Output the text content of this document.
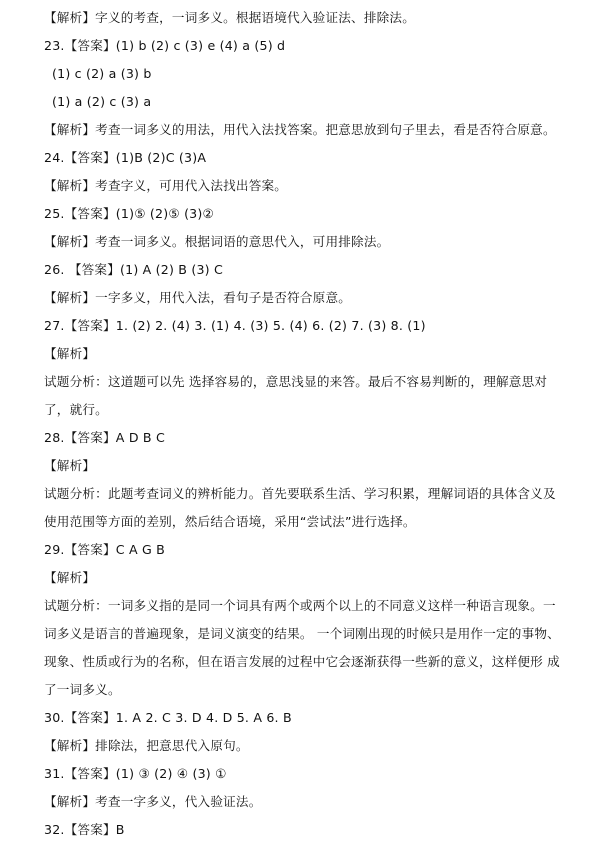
【解析】字义的考查，一词多义。根据语境代入验证法、排除法。
23.【答案】(1) b (2) c (3) e (4) a (5) d
(1) c (2) a (3) b
(1) a (2) c (3) a
【解析】考查一词多义的用法，用代入法找答案。把意思放到句子里去，看是否符合原意。
24.【答案】(1)B (2)C (3)A
【解析】考查字义，可用代入法找出答案。
25.【答案】(1)⑤ (2)⑤ (3)②
【解析】考查一词多义。根据词语的意思代入，可用排除法。
26. 【答案】(1) A (2) B (3) C
【解析】一字多义，用代入法，看句子是否符合原意。
27.【答案】1. (2) 2. (4) 3. (1) 4. (3) 5. (4) 6. (2) 7. (3) 8. (1)
【解析】
试题分析：这道题可以先 选择容易的，意思浅显的来答。最后不容易判断的，理解意思对
了，就行。
28.【答案】A D B C
【解析】
试题分析：此题考查词义的辨析能力。首先要联系生活、学习积累，理解词语的具体含义及
使用范围等方面的差别，然后结合语境，采用“尝试法”进行选择。
29.【答案】C A G B
【解析】
试题分析：一词多义指的是同一个词具有两个或两个以上的不同意义这样一种语言现象。一
词多义是语言的普遍现象，是词义演变的结果。 一个词刚出现的时候只是用作一定的事物、
现象、性质或行为的名称，但在语言发展的过程中它会逐渐获得一些新的意义，这样便形 成
了一词多义。
30.【答案】1. A 2. C 3. D 4. D 5. A 6. B
【解析】排除法，把意思代入原句。
31.【答案】(1) ③ (2) ④ (3) ①
【解析】考查一字多义，代入验证法。
32.【答案】B
